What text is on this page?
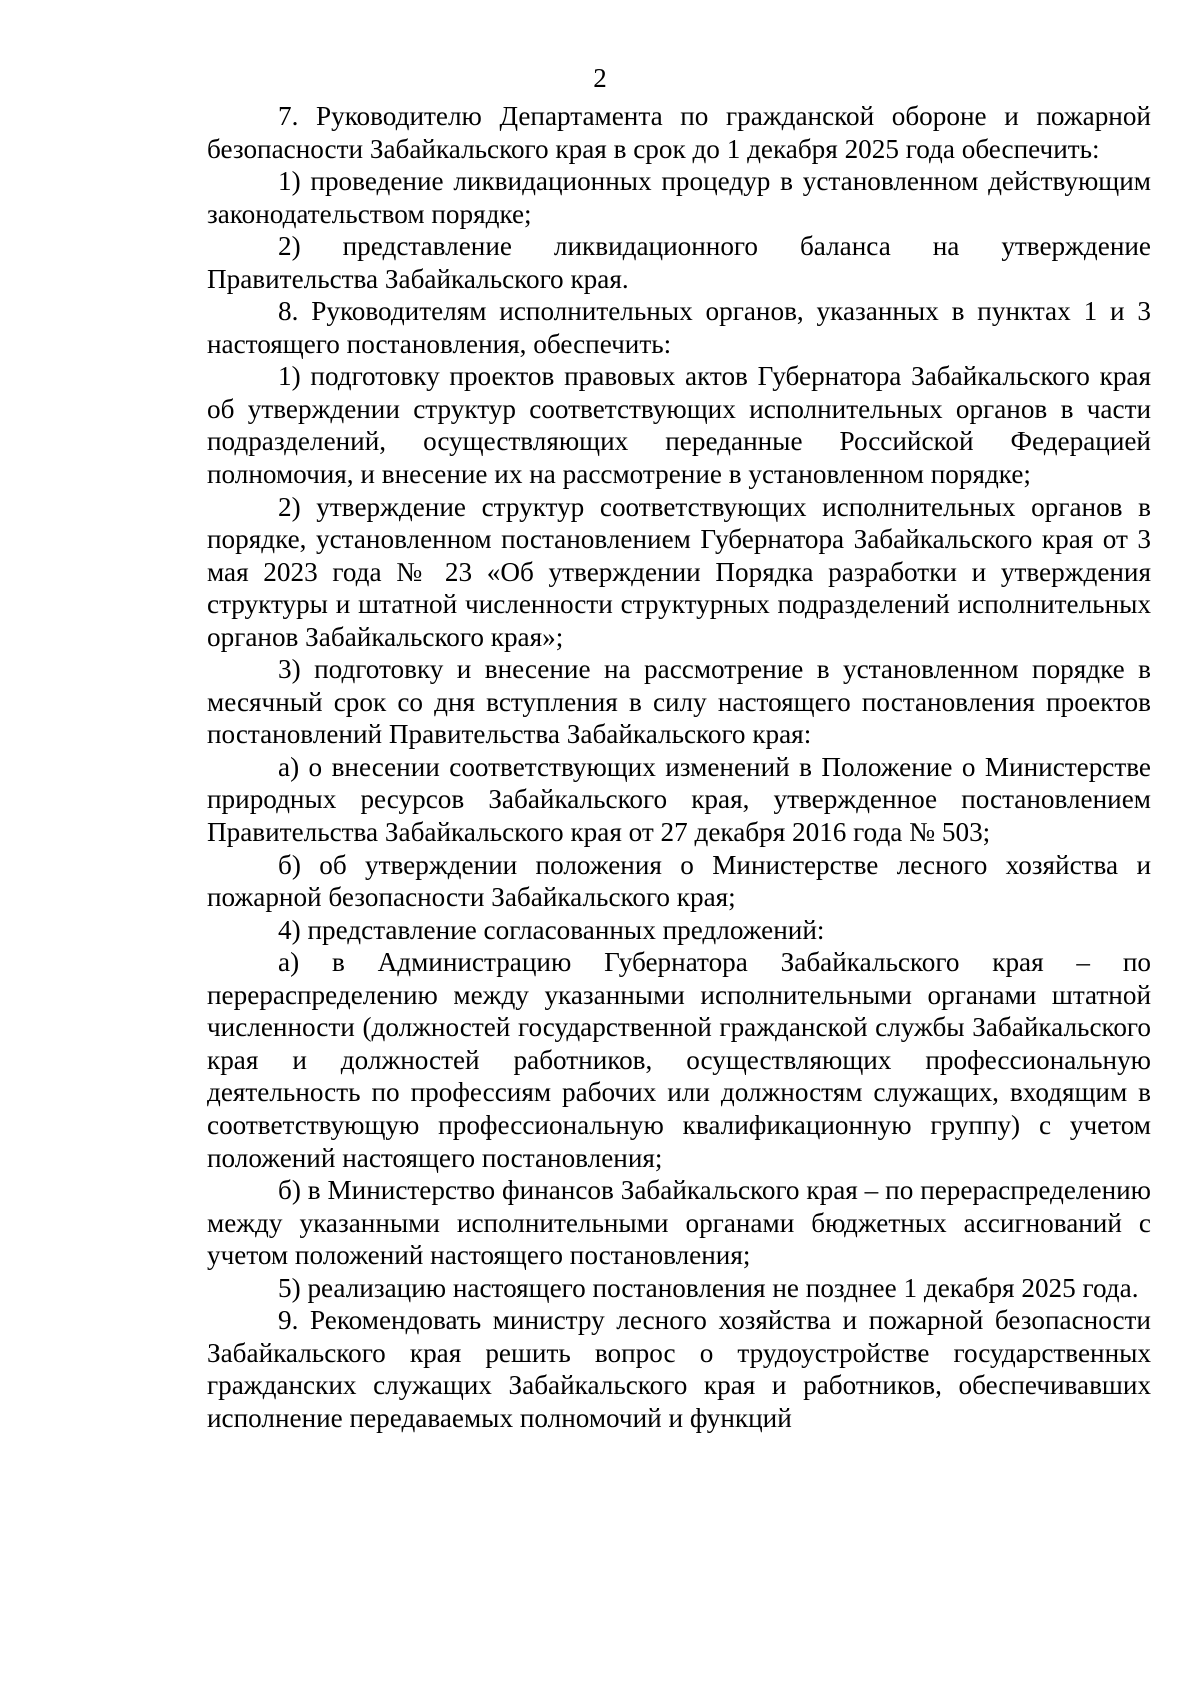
2

7. Руководителю Департамента по гражданской обороне и пожарной безопасности Забайкальского края в срок до 1 декабря 2025 года обеспечить:

1) проведение ликвидационных процедур в установленном действующим законодательством порядке;

2) представление ликвидационного баланса на утверждение Правительства Забайкальского края.

8. Руководителям исполнительных органов, указанных в пунктах 1 и 3 настоящего постановления, обеспечить:

1) подготовку проектов правовых актов Губернатора Забайкальского края об утверждении структур соответствующих исполнительных органов в части подразделений, осуществляющих переданные Российской Федерацией полномочия, и внесение их на рассмотрение в установленном порядке;

2) утверждение структур соответствующих исполнительных органов в порядке, установленном постановлением Губернатора Забайкальского края от 3 мая 2023 года № 23 «Об утверждении Порядка разработки и утверждения структуры и штатной численности структурных подразделений исполнительных органов Забайкальского края»;

3) подготовку и внесение на рассмотрение в установленном порядке в месячный срок со дня вступления в силу настоящего постановления проектов постановлений Правительства Забайкальского края:

а) о внесении соответствующих изменений в Положение о Министерстве природных ресурсов Забайкальского края, утвержденное постановлением Правительства Забайкальского края от 27 декабря 2016 года № 503;

б) об утверждении положения о Министерстве лесного хозяйства и пожарной безопасности Забайкальского края;

4) представление согласованных предложений:

а) в Администрацию Губернатора Забайкальского края – по перераспределению между указанными исполнительными органами штатной численности (должностей государственной гражданской службы Забайкальского края и должностей работников, осуществляющих профессиональную деятельность по профессиям рабочих или должностям служащих, входящим в соответствующую профессиональную квалификационную группу) с учетом положений настоящего постановления;

б) в Министерство финансов Забайкальского края – по перераспределению между указанными исполнительными органами бюджетных ассигнований с учетом положений настоящего постановления;

5) реализацию настоящего постановления не позднее 1 декабря 2025 года.

9. Рекомендовать министру лесного хозяйства и пожарной безопасности Забайкальского края решить вопрос о трудоустройстве государственных гражданских служащих Забайкальского края и работников, обеспечивавших исполнение передаваемых полномочий и функций
